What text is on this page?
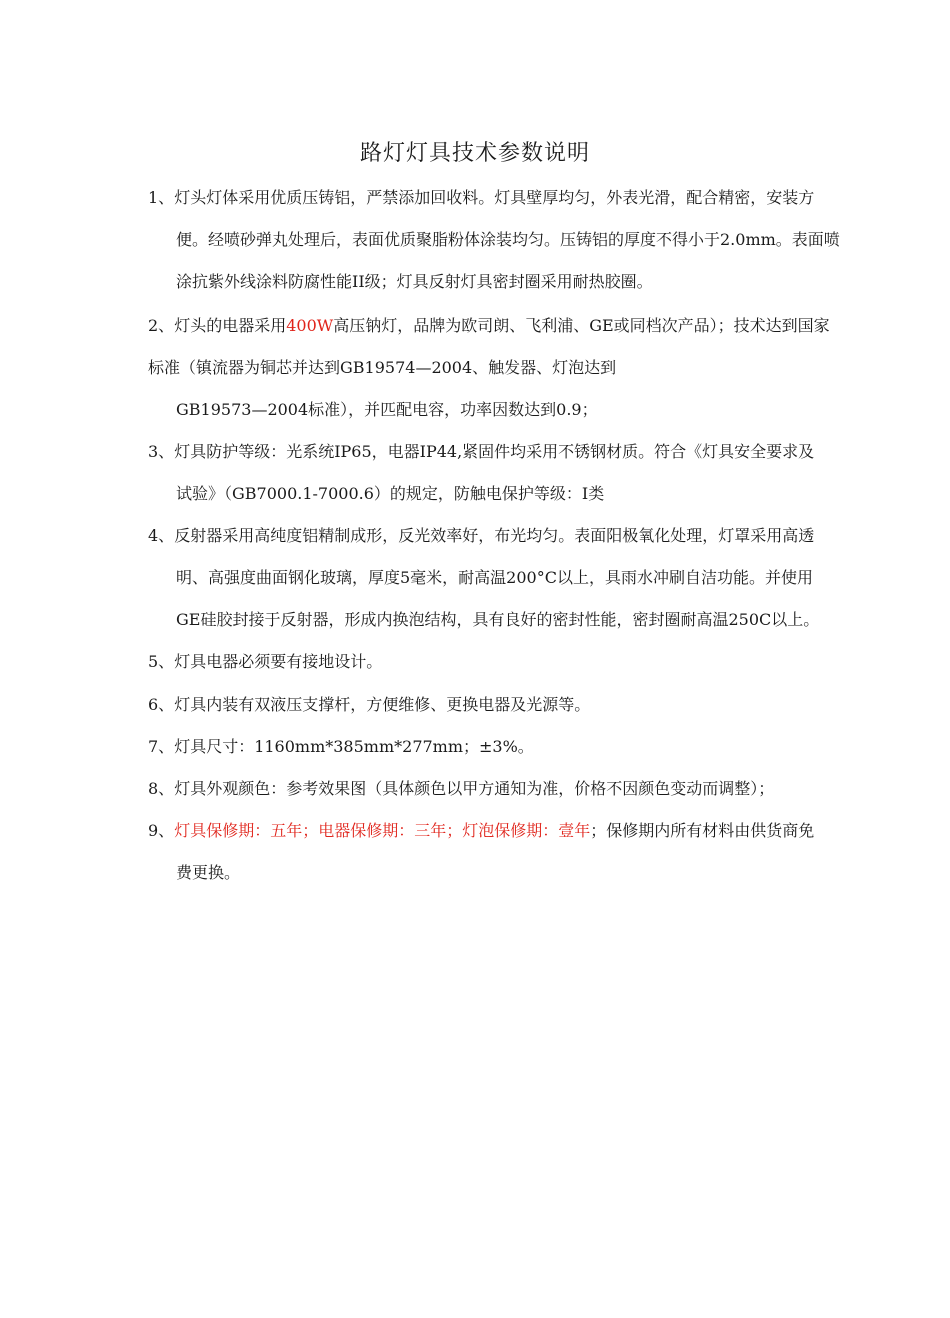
路灯灯具技术参数说明
1、灯头灯体采用优质压铸铝，严禁添加回收料。灯具壁厚均匀，外表光滑，配合精密，安装方
便。经喷砂弹丸处理后，表面优质聚脂粉体涂装均匀。压铸铝的厚度不得小于2.0mm。表面喷
涂抗紫外线涂料防腐性能II级；灯具反射灯具密封圈采用耐热胶圈。
2、灯头的电器采用400W高压钠灯，品牌为欧司朗、飞利浦、GE或同档次产品）；技术达到国家
标准（镇流器为铜芯并达到GB19574—2004、触发器、灯泡达到
GB19573—2004标准），并匹配电容，功率因数达到0.9；
3、灯具防护等级：光系统IP65，电器IP44,紧固件均采用不锈钢材质。符合《灯具安全要求及
试验》（GB7000.1-7000.6）的规定，防触电保护等级：I类
4、反射器采用高纯度铝精制成形，反光效率好，布光均匀。表面阳极氧化处理，灯罩采用高透
明、高强度曲面钢化玻璃，厚度5毫米，耐高温200°C以上，具雨水冲刷自洁功能。并使用
GE硅胶封接于反射器，形成内换泡结构，具有良好的密封性能，密封圈耐高温250C以上。
5、灯具电器必须要有接地设计。
6、灯具内装有双液压支撑杆，方便维修、更换电器及光源等。
7、灯具尺寸：1160mm*385mm*277mm；±3%。
8、灯具外观颜色：参考效果图（具体颜色以甲方通知为准，价格不因颜色变动而调整）；
9、灯具保修期：五年；电器保修期：三年；灯泡保修期：壹年；保修期内所有材料由供货商免
费更换。
